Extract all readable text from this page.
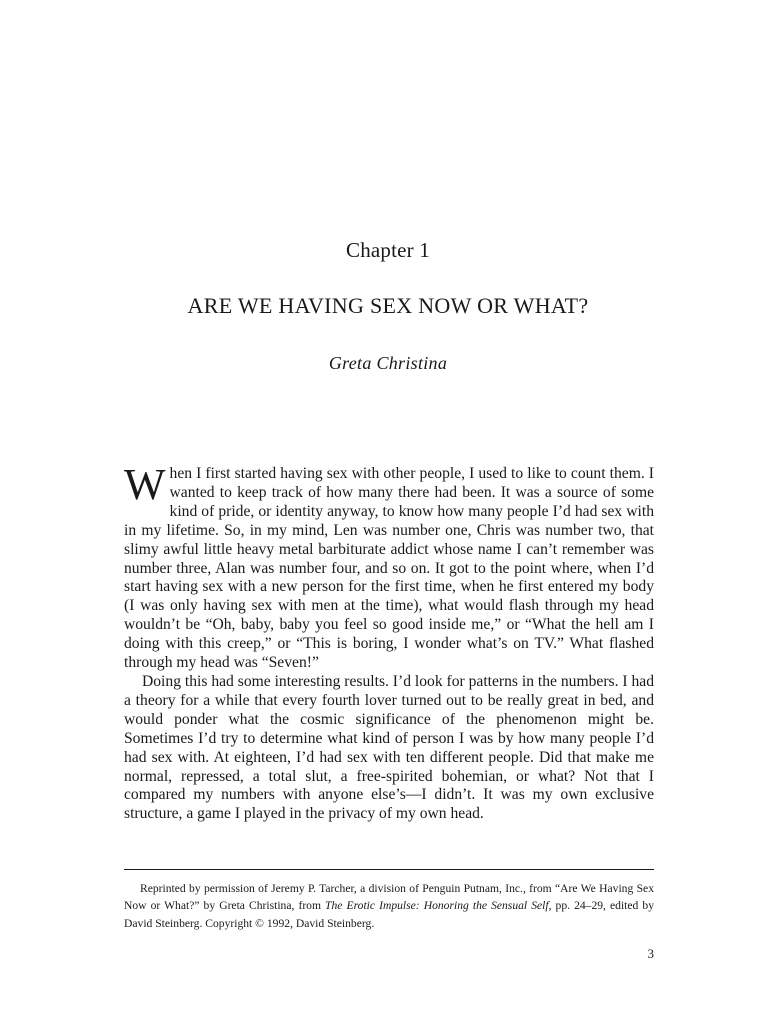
Chapter 1
ARE WE HAVING SEX NOW OR WHAT?
Greta Christina

When I first started having sex with other people, I used to like to count them. I wanted to keep track of how many there had been. It was a source of some kind of pride, or identity anyway, to know how many people I’d had sex with in my lifetime. So, in my mind, Len was number one, Chris was number two, that slimy awful little heavy metal barbiturate addict whose name I can’t remember was number three, Alan was number four, and so on. It got to the point where, when I’d start having sex with a new person for the first time, when he first entered my body (I was only having sex with men at the time), what would flash through my head wouldn’t be “Oh, baby, baby you feel so good inside me,” or “What the hell am I doing with this creep,” or “This is boring, I wonder what’s on TV.” What flashed through my head was “Seven!”

Doing this had some interesting results. I’d look for patterns in the numbers. I had a theory for a while that every fourth lover turned out to be really great in bed, and would ponder what the cosmic significance of the phenomenon might be. Sometimes I’d try to determine what kind of person I was by how many people I’d had sex with. At eighteen, I’d had sex with ten different people. Did that make me normal, repressed, a total slut, a free-spirited bohemian, or what? Not that I compared my numbers with anyone else’s—I didn’t. It was my own exclusive structure, a game I played in the privacy of my own head.

Reprinted by permission of Jeremy P. Tarcher, a division of Penguin Putnam, Inc., from “Are We Having Sex Now or What?” by Greta Christina, from The Erotic Impulse: Honoring the Sensual Self, pp. 24–29, edited by David Steinberg. Copyright © 1992, David Steinberg.

3
